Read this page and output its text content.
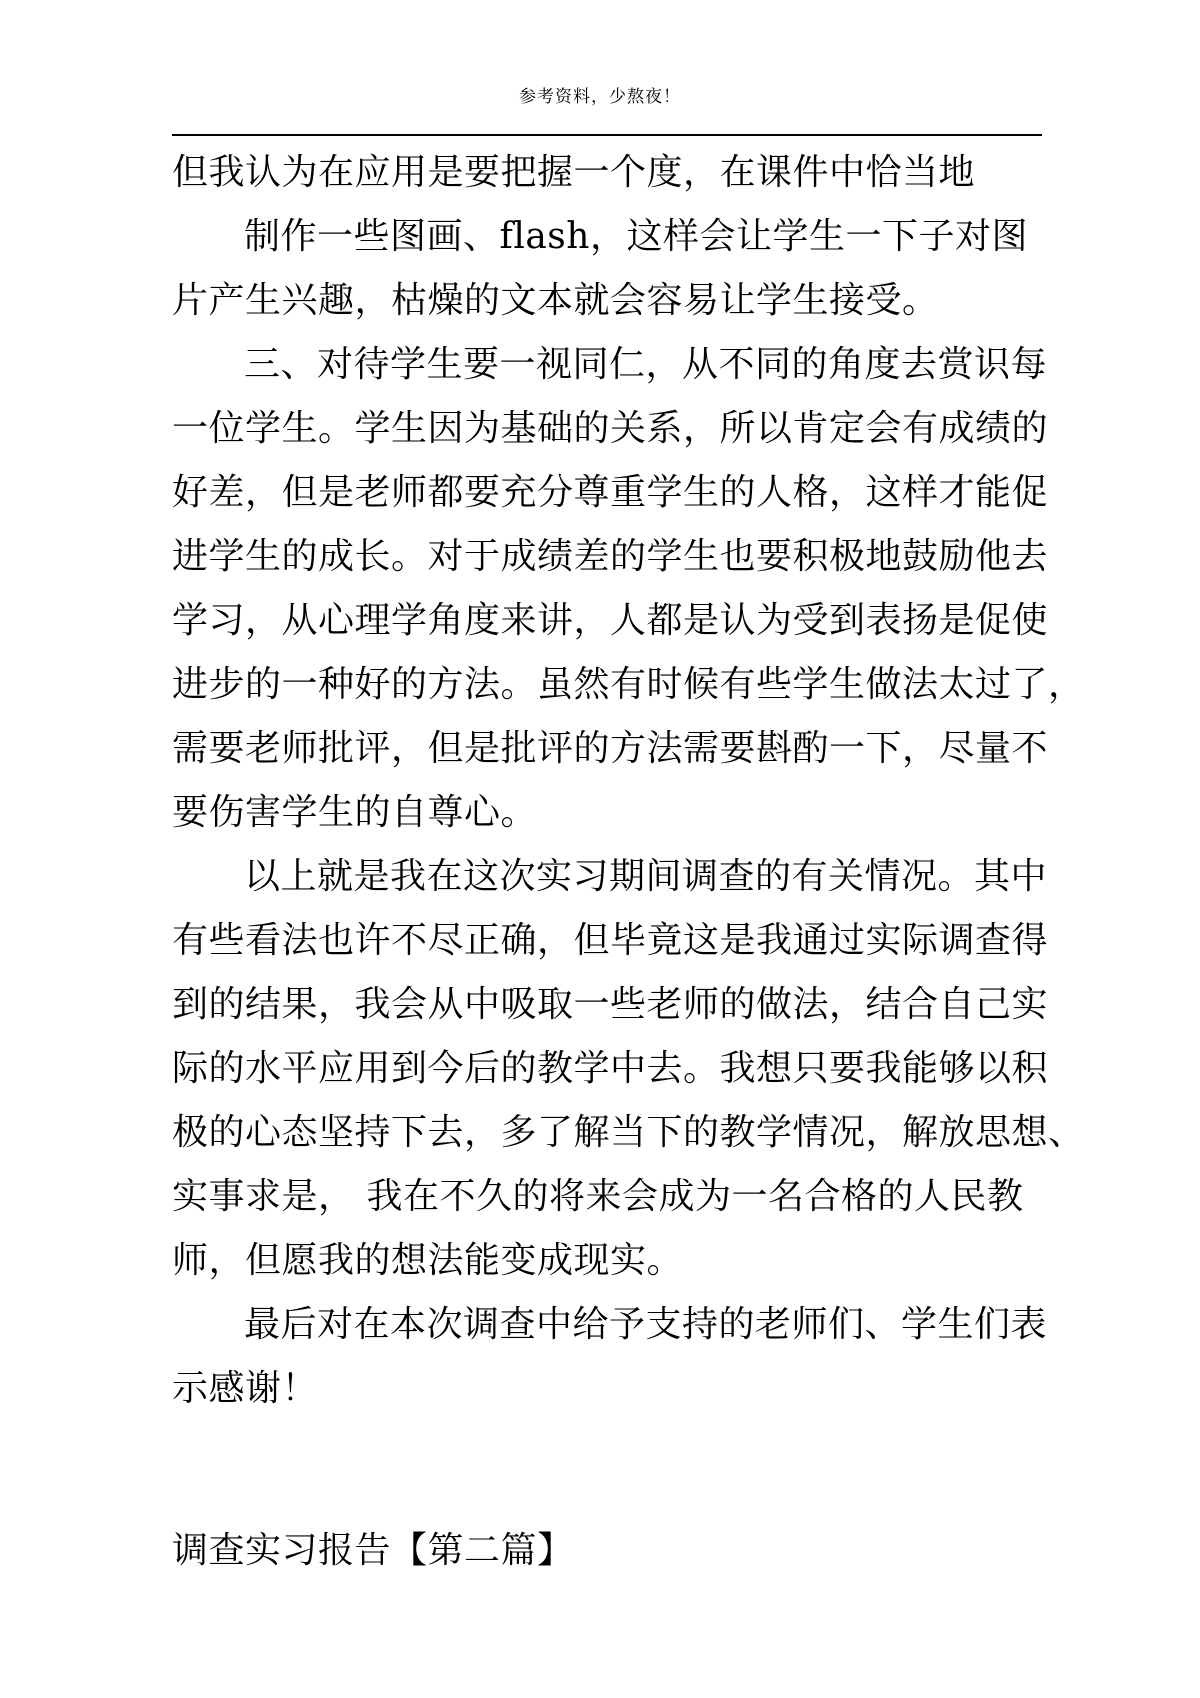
参考资料，少熬夜！
但我认为在应用是要把握一个度，在课件中恰当地
制作一些图画、flash，这样会让学生一下子对图
片产生兴趣，枯燥的文本就会容易让学生接受。
三、对待学生要一视同仁，从不同的角度去赏识每
一位学生。学生因为基础的关系，所以肯定会有成绩的
好差，但是老师都要充分尊重学生的人格，这样才能促
进学生的成长。对于成绩差的学生也要积极地鼓励他去
学习，从心理学角度来讲，人都是认为受到表扬是促使
进步的一种好的方法。虽然有时候有些学生做法太过了，
需要老师批评，但是批评的方法需要斟酌一下，尽量不
要伤害学生的自尊心。
以上就是我在这次实习期间调查的有关情况。其中
有些看法也许不尽正确，但毕竟这是我通过实际调查得
到的结果，我会从中吸取一些老师的做法，结合自己实
际的水平应用到今后的教学中去。我想只要我能够以积
极的心态坚持下去，多了解当下的教学情况，解放思想、
实事求是， 我在不久的将来会成为一名合格的人民教
师，但愿我的想法能变成现实。
最后对在本次调查中给予支持的老师们、学生们表
示感谢！
调查实习报告【第二篇】
